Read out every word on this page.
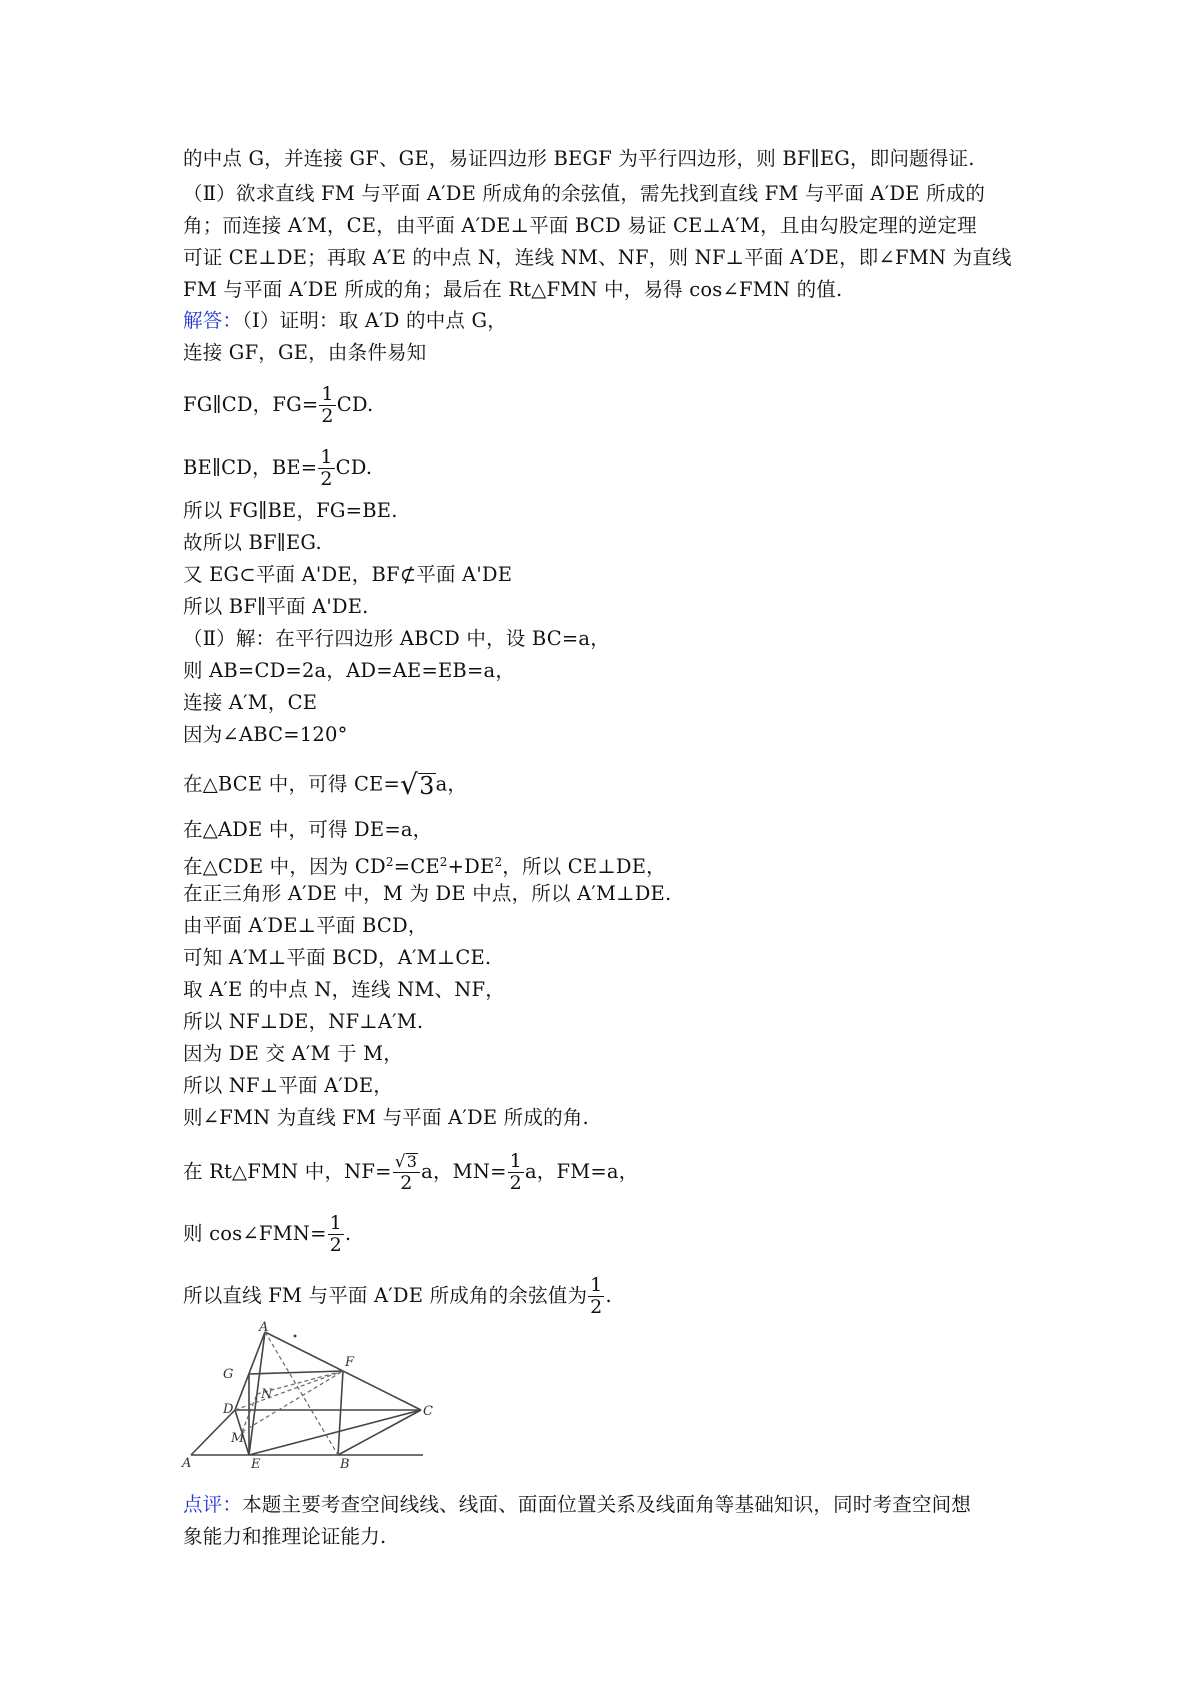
的中点 G，并连接 GF、GE，易证四边形 BEGF 为平行四边形，则 BF∥EG，即问题得证.
（Ⅱ）欲求直线 FM 与平面 A′DE 所成角的余弦值，需先找到直线 FM 与平面 A′DE 所成的
角；而连接 A′M，CE，由平面 A′DE⊥平面 BCD 易证 CE⊥A′M，且由勾股定理的逆定理
可证 CE⊥DE；再取 A′E 的中点 N，连线 NM、NF，则 NF⊥平面 A′DE，即∠FMN 为直线
FM 与平面 A′DE 所成的角；最后在 Rt△FMN 中，易得 cos∠FMN 的值.
解答：（Ⅰ）证明：取 A′D 的中点 G，
连接 GF，GE，由条件易知
FG∥CD，$FG= \frac{1}{2}$ CD.
BE∥CD，$BE= \frac{1}{2}$ CD.
所以 FG∥BE，FG=BE.
故所以 BF∥EG.
又 EG⊂平面 A'DE，BF⊄平面 A'DE
所以 BF∥平面 A'DE.
（Ⅱ）解：在平行四边形 ABCD 中，设 BC=a，
则 AB=CD=2a，AD=AE=EB=a，
连接 A′M，CE
因为∠ABC=120°
在△BCE 中，可得 CE= √ 3 a，
在△ADE 中，可得 DE=a，
在△CDE 中，因为 $CD^2=CE^2+DE^2$，所以 CE⊥DE，
在正三角形 A′DE 中，M 为 DE 中点，所以 A′M⊥DE.
由平面 A′DE⊥平面 BCD，
可知 A′M⊥平面 BCD，A′M⊥CE.
取 A′E 的中点 N，连线 NM、NF，
所以 NF⊥DE，NF⊥A′M.
因为 DE 交 A′M 于 M，
所以 NF⊥平面 A′DE，
则∠FMN 为直线 FM 与平面 A′DE 所成的角.
在 Rt△FMN 中，$NF= \frac{√ 3}{2}$ a，$MN= \frac{1}{2}$ a，FM=a，
则 cos∠FMN= $\frac{1}{2}$ .
所以直线 FM 与平面 A′DE 所成角的余弦值为 $\frac{1}{2}$ .
A
G
D
N
M
E	B
C
F
A
点评：本题主要考查空间线线、线面、面面位置关系及线面角等基础知识，同时考查空间想
象能力和推理论证能力.
